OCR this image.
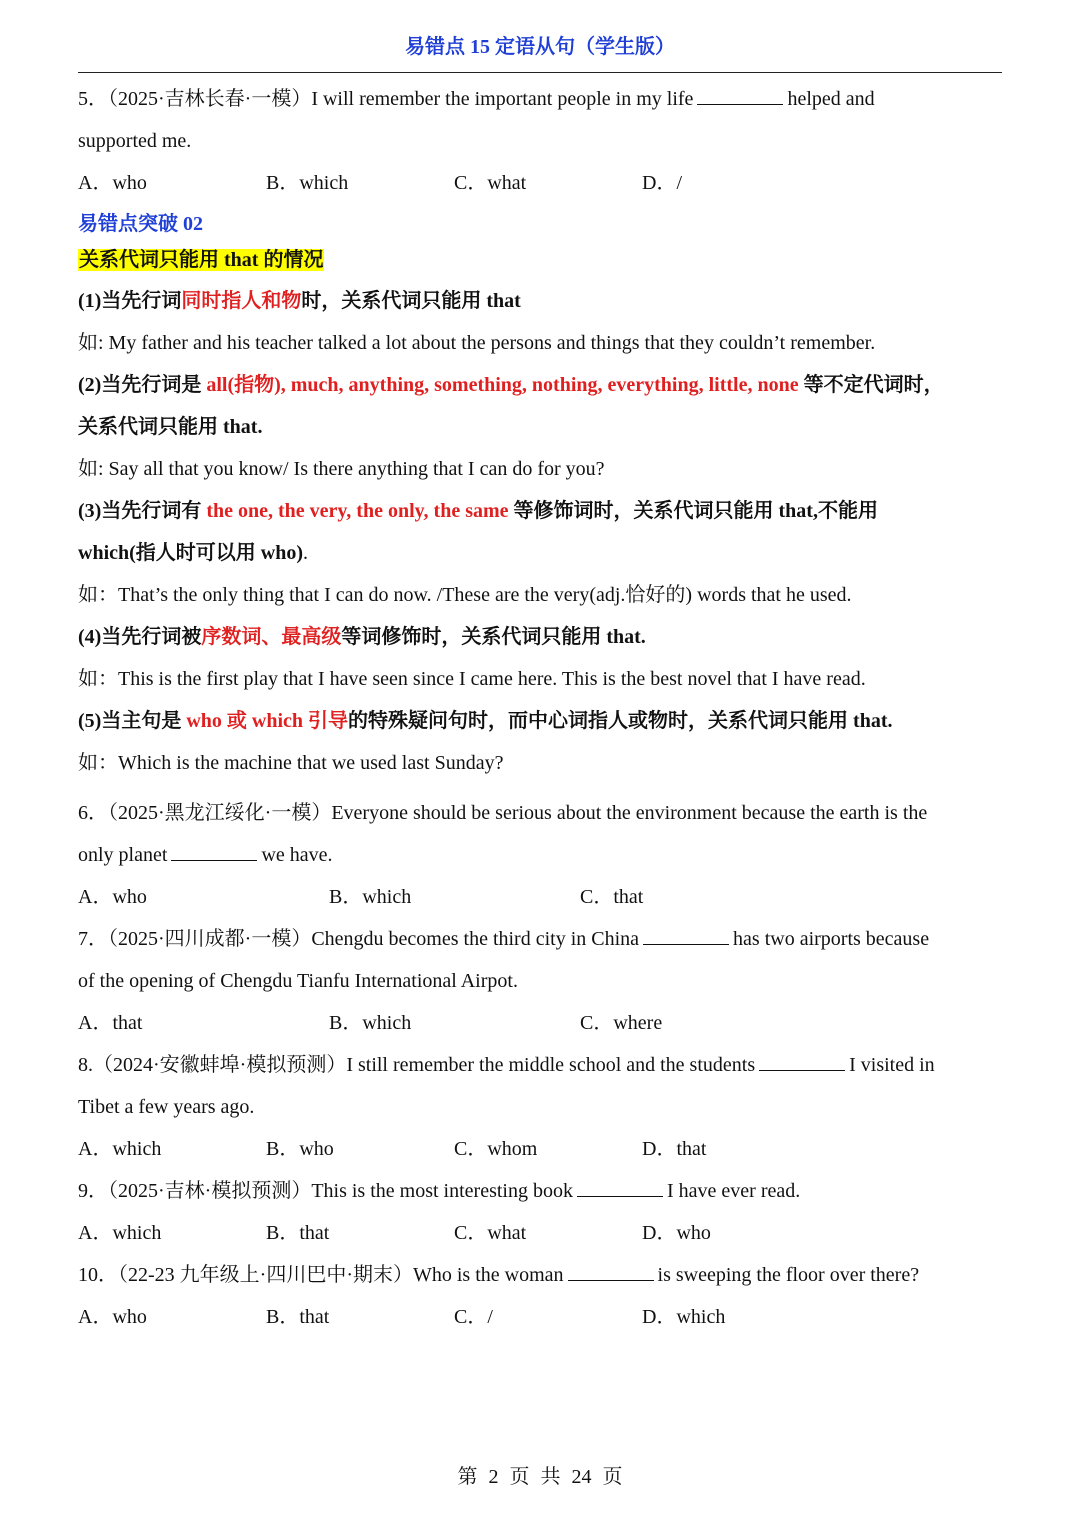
易错点 15 定语从句（学生版）
5．（2025·吉林长春·一模）I will remember the important people in my life	helped and
supported me.
A．who	B．which	C．what	D．/
易错点突破 02
关系代词只能用 that 的情况
(1)当先行词同时指人和物时，关系代词只能用 that
如: My father and his teacher talked a lot about the persons and things that they couldn’t remember.
(2)当先行词是 all(指物), much, anything, something, nothing, everything, little, none 等不定代词时，
关系代词只能用 that.
如: Say all that you know/ Is there anything that I can do for you?
(3)当先行词有 the one, the very, the only, the same 等修饰词时，关系代词只能用 that,不能用
which(指人时可以用 who).
如：That’s the only thing that I can do now. /These are the very(adj.恰好的) words that he used.
(4)当先行词被序数词、最高级等词修饰时，关系代词只能用 that.
如：This is the first play that I have seen since I came here. This is the best novel that I have read.
(5)当主句是 who 或 which 引导的特殊疑问句时，而中心词指人或物时，关系代词只能用 that.
如：Which is the machine that we used last Sunday?
6．（2025·黑龙江绥化·一模）Everyone should be serious about the environment because the earth is the
only planet	we have.
A．who	B．which	C．that
7．（2025·四川成都·一模）Chengdu becomes the third city in China	has two airports because
of the opening of Chengdu Tianfu International Airpot.
A．that	B．which	C．where
8.（2024·安徽蚌埠·模拟预测）I still remember the middle school and the students	I visited in
Tibet a few years ago.
A．which	B．who	C．whom	D．that
9．（2025·吉林·模拟预测）This is the most interesting book	I have ever read.
A．which	B．that	C．what	D．who
10．（22-23 九年级上·四川巴中·期末）Who is the woman	is sweeping the floor over there?
A．who	B．that	C．/	D．which
第 2 页 共 24 页
